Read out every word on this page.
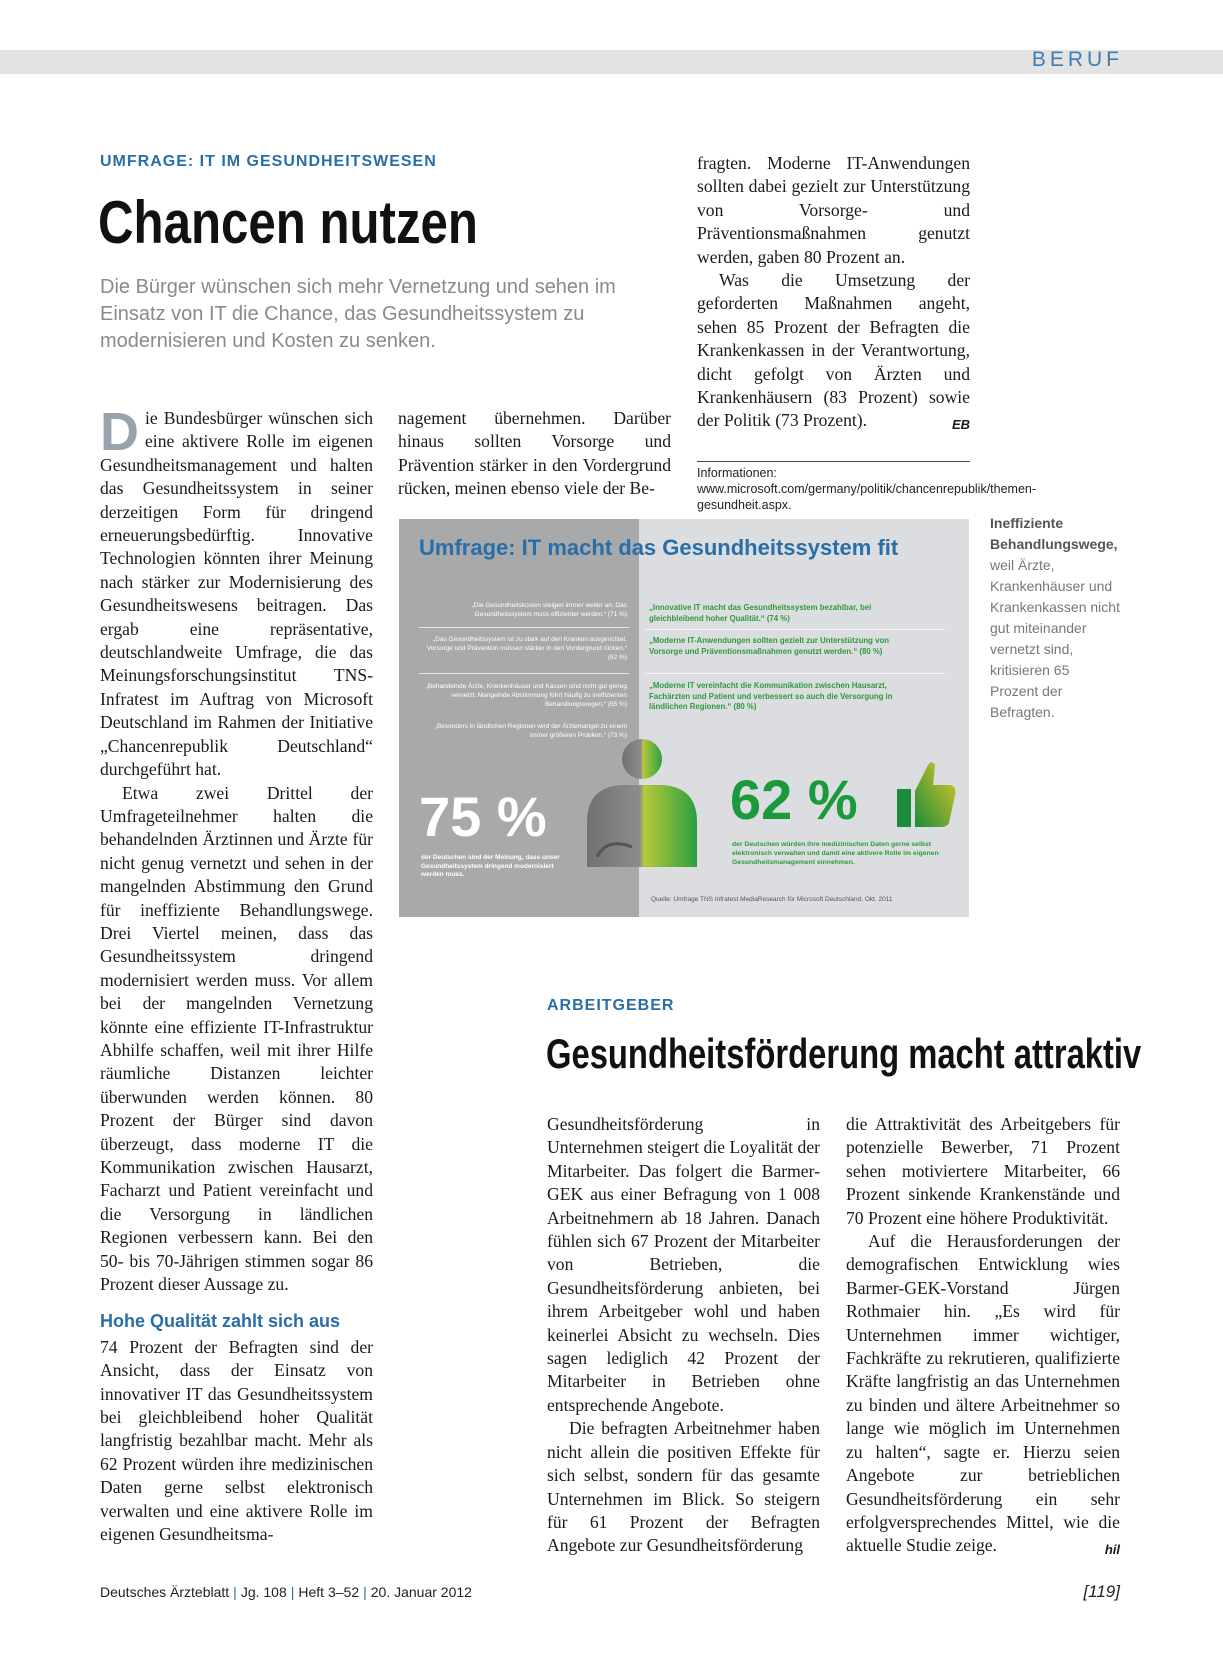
BERUF
UMFRAGE: IT IM GESUNDHEITSWESEN
Chancen nutzen
Die Bürger wünschen sich mehr Vernetzung und sehen im Einsatz von IT die Chance, das Gesundheitssystem zu modernisieren und Kosten zu senken.

Die Bundesbürger wünschen sich eine aktivere Rolle im eigenen Gesundheitsmanagement und halten das Gesundheitssystem in seiner derzeitigen Form für dringend erneuerungsbedürftig. Innovative Technologien könnten ihrer Meinung nach stärker zur Modernisierung des Gesundheitswesens beitragen. Das ergab eine repräsentative, deutschlandweite Umfrage, die das Meinungsforschungsinstitut TNS-Infratest im Auftrag von Microsoft Deutschland im Rahmen der Initiative „Chancenrepublik Deutschland“ durchgeführt hat.

Etwa zwei Drittel der Umfrageteilnehmer halten die behandelnden Ärztinnen und Ärzte für nicht genug vernetzt und sehen in der mangelnden Abstimmung den Grund für ineffiziente Behandlungswege. Drei Viertel meinen, dass das Gesundheitssystem dringend modernisiert werden muss. Vor allem bei der mangelnden Vernetzung könnte eine effiziente IT-Infrastruktur Abhilfe schaffen, weil mit ihrer Hilfe räumliche Distanzen leichter überwunden werden können. 80 Prozent der Bürger sind davon überzeugt, dass moderne IT die Kommunikation zwischen Hausarzt, Facharzt und Patient vereinfacht und die Versorgung in ländlichen Regionen verbessern kann. Bei den 50- bis 70-Jährigen stimmen sogar 86 Prozent dieser Aussage zu.

Hohe Qualität zahlt sich aus

74 Prozent der Befragten sind der Ansicht, dass der Einsatz von innovativer IT das Gesundheitssystem bei gleichbleibend hoher Qualität langfristig bezahlbar macht. Mehr als 62 Prozent würden ihre medizinischen Daten gerne selbst elektronisch verwalten und eine aktivere Rolle im eigenen Gesundheitsma-

nagement übernehmen. Darüber hinaus sollten Vorsorge und Prävention stärker in den Vordergrund rücken, meinen ebenso viele der Be-

fragten. Moderne IT-Anwendungen sollten dabei gezielt zur Unterstützung von Vorsorge- und Präventionsmaßnahmen genutzt werden, gaben 80 Prozent an.

Was die Umsetzung der geforderten Maßnahmen angeht, sehen 85 Prozent der Befragten die Krankenkassen in der Verantwortung, dicht gefolgt von Ärzten und Krankenhäusern (83 Prozent) sowie der Politik (73 Prozent).	EB

Informationen: www.microsoft.com/germany/politik/chancenrepublik/themen-gesundheit.aspx.
Umfrage: IT macht das Gesundheitssystem fit
„Die Gesundheitskosten steigen immer weiter an. Das Gesundheitssystem muss effizienter werden.“ (71 %)
„Das Gesundheitssystem ist zu stark auf den Kranken ausgerichtet. Vorsorge und Prävention müssen stärker in den Vordergrund rücken.“ (62 %)
„Behandelnde Ärzte, Krankenhäuser und Kassen sind nicht gut genug vernetzt. Mangelnde Abstimmung führt häufig zu ineffizienten Behandlungswegen.“ (65 %)
„Besonders in ländlichen Regionen wird der Ärztemangel zu einem immer größeren Problem.“ (73 %)
„Innovative IT macht das Gesundheitssystem bezahlbar, bei gleichbleibend hoher Qualität.“ (74 %)
„Moderne IT-Anwendungen sollten gezielt zur Unterstützung von Vorsorge und Präventionsmaßnahmen genutzt werden.“ (80 %)
„Moderne IT vereinfacht die Kommunikation zwischen Hausarzt, Fachärzten und Patient und verbessert so auch die Versorgung in ländlichen Regionen.“ (80 %)
75 %
der Deutschen sind der Meinung, dass unser Gesundheitssystem dringend modernisiert werden muss.
62 %
der Deutschen würden ihre medizinischen Daten gerne selbst elektronisch verwalten und damit eine aktivere Rolle im eigenen Gesundheitsmanagement einnehmen.
Quelle: Umfrage TNS Infratest MediaResearch für Microsoft Deutschland, Okt. 2011
Ineffiziente Behandlungswege, weil Ärzte, Krankenhäuser und Krankenkassen nicht gut miteinander vernetzt sind, kritisieren 65 Prozent der Befragten.
ARBEITGEBER
Gesundheitsförderung macht attraktiv

Gesundheitsförderung in Unternehmen steigert die Loyalität der Mitarbeiter. Das folgert die Barmer-GEK aus einer Befragung von 1 008 Arbeitnehmern ab 18 Jahren. Danach fühlen sich 67 Prozent der Mitarbeiter von Betrieben, die Gesundheitsförderung anbieten, bei ihrem Arbeitgeber wohl und haben keinerlei Absicht zu wechseln. Dies sagen lediglich 42 Prozent der Mitarbeiter in Betrieben ohne entsprechende Angebote.

Die befragten Arbeitnehmer haben nicht allein die positiven Effekte für sich selbst, sondern für das gesamte Unternehmen im Blick. So steigern für 61 Prozent der Befragten Angebote zur Gesundheitsförderung

die Attraktivität des Arbeitgebers für potenzielle Bewerber, 71 Prozent sehen motiviertere Mitarbeiter, 66 Prozent sinkende Krankenstände und 70 Prozent eine höhere Produktivität.

Auf die Herausforderungen der demografischen Entwicklung wies Barmer-GEK-Vorstand Jürgen Rothmaier hin. „Es wird für Unternehmen immer wichtiger, Fachkräfte zu rekrutieren, qualifizierte Kräfte langfristig an das Unternehmen zu binden und ältere Arbeitnehmer so lange wie möglich im Unternehmen zu halten“, sagte er. Hierzu seien Angebote zur betrieblichen Gesundheitsförderung ein sehr erfolgversprechendes Mittel, wie die aktuelle Studie zeige.	hil

Deutsches Ärzteblatt | Jg. 108 | Heft 3–52 | 20. Januar 2012	[119]
